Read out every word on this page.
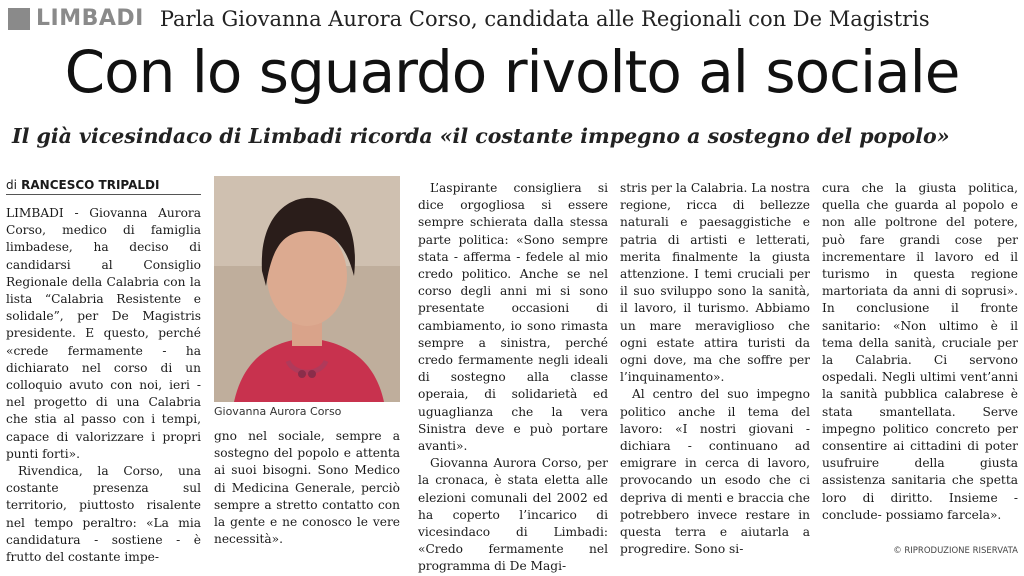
LIMBADI Parla Giovanna Aurora Corso, candidata alle Regionali con De Magistris
Con lo sguardo rivolto al sociale
Il già vicesindaco di Limbadi ricorda «il costante impegno a sostegno del popolo»
di RANCESCO TRIPALDI

LIMBADI - Giovanna Aurora Corso, medico di famiglia limbadese, ha deciso di candidarsi al Consiglio Regionale della Calabria con la lista “Calabria Resistente e solidale”, per De Magistris presidente. E questo, perché «crede fermamente - ha dichiarato nel corso di un colloquio avuto con noi, ieri - nel progetto di una Calabria che stia al passo con i tempi, capace di valorizzare i propri punti forti».

Rivendica, la Corso, una costante presenza sul territorio, piuttosto risalente nel tempo peraltro: «La mia candidatura - sostiene - è frutto del costante impe-

Giovanna Aurora Corso

gno nel sociale, sempre a sostegno del popolo e attenta ai suoi bisogni. Sono Medico di Medicina Generale, perciò sempre a stretto contatto con la gente e ne conosco le vere necessità».

L’aspirante consigliera si dice orgogliosa si essere sempre schierata dalla stessa parte politica: «Sono sempre stata - afferma - fedele al mio credo politico. Anche se nel corso degli anni mi si sono presentate occasioni di cambiamento, io sono rimasta sempre a sinistra, perché credo fermamente negli ideali di sostegno alla classe operaia, di solidarietà ed uguaglianza che la vera Sinistra deve e può portare avanti».

Giovanna Aurora Corso, per la cronaca, è stata eletta alle elezioni comunali del 2002 ed ha coperto l’incarico di vicesindaco di Limbadi: «Credo fermamente nel programma di De Magi-

stris per la Calabria. La nostra regione, ricca di bellezze naturali e paesaggistiche e patria di artisti e letterati, merita finalmente la giusta attenzione. I temi cruciali per il suo sviluppo sono la sanità, il lavoro, il turismo. Abbiamo un mare meraviglioso che ogni estate attira turisti da ogni dove, ma che soffre per l’inquinamento».

Al centro del suo impegno politico anche il tema del lavoro: «I nostri giovani - dichiara - continuano ad emigrare in cerca di lavoro, provocando un esodo che ci depriva di menti e braccia che potrebbero invece restare in questa terra e aiutarla a progredire. Sono si-

cura che la giusta politica, quella che guarda al popolo e non alle poltrone del potere, può fare grandi cose per incrementare il lavoro ed il turismo in questa regione martoriata da anni di soprusi». In conclusione il fronte sanitario: «Non ultimo è il tema della sanità, cruciale per la Calabria. Ci servono ospedali. Negli ultimi vent’anni la sanità pubblica calabrese è stata smantellata. Serve impegno politico concreto per consentire ai cittadini di poter usufruire della giusta assistenza sanitaria che spetta loro di diritto. Insieme -conclude- possiamo farcela».

© RIPRODUZIONE RISERVATA
